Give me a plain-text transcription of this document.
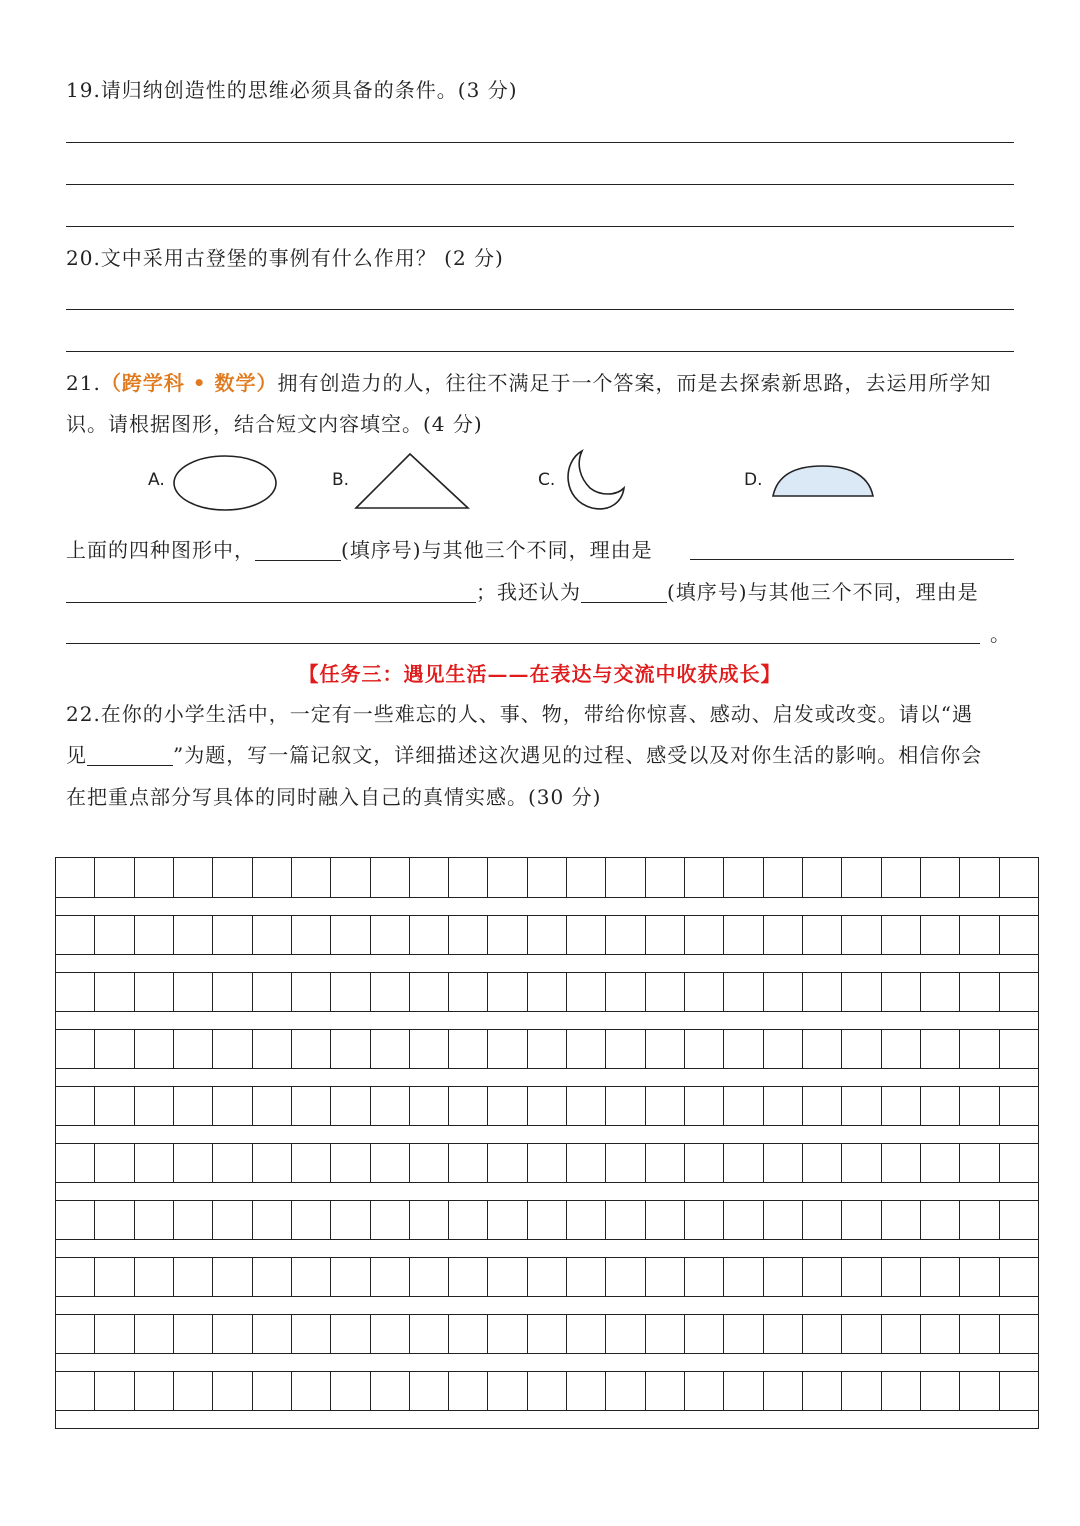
19.请归纳创造性的思维必须具备的条件。(3 分)
20.文中采用古登堡的事例有什么作用？ (2 分)
21.（跨学科 • 数学）拥有创造力的人，往往不满足于一个答案，而是去探索新思路，去运用所学知
识。请根据图形，结合短文内容填空。(4 分)
A.	B.	C.	D.
上面的四种图形中，	(填序号)与其他三个不同，理由是
；我还认为	(填序号)与其他三个不同，理由是
。
【任务三：遇见生活——在表达与交流中收获成长】
22.在你的小学生活中，一定有一些难忘的人、事、物，带给你惊喜、感动、启发或改变。请以“遇
见	”为题，写一篇记叙文，详细描述这次遇见的过程、感受以及对你生活的影响。相信你会
在把重点部分写具体的同时融入自己的真情实感。(30 分)
